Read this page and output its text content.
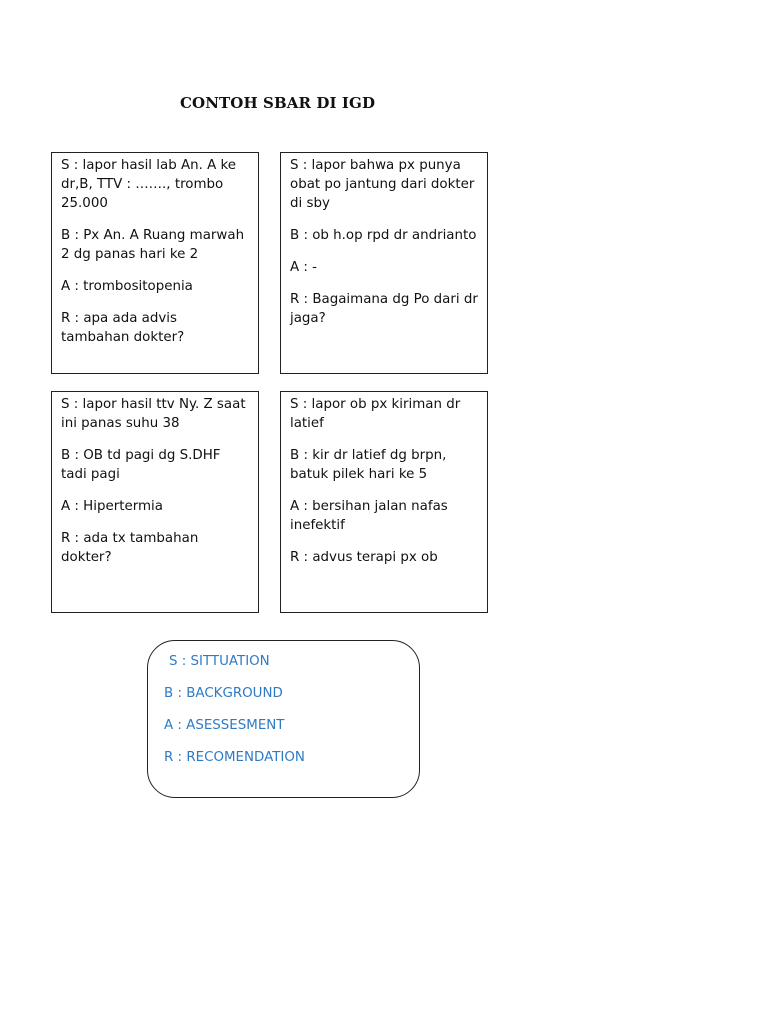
CONTOH SBAR DI IGD

S : lapor hasil lab An. A ke dr,B, TTV : ……., trombo 25.000

B : Px An. A Ruang marwah 2 dg panas hari ke 2

A : trombositopenia

R : apa ada advis tambahan dokter?

S : lapor bahwa px punya obat po jantung dari dokter di sby

B : ob h.op rpd dr andrianto

A : -

R : Bagaimana dg Po dari dr jaga?

S : lapor hasil ttv Ny. Z saat ini panas suhu 38

B : OB td pagi dg S.DHF tadi pagi

A : Hipertermia

R : ada tx tambahan dokter?

S : lapor ob px kiriman dr latief

B : kir dr latief dg brpn, batuk pilek hari ke 5

A : bersihan jalan nafas inefektif

R : advus terapi px ob

S : SITTUATION

B : BACKGROUND

A : ASESSESMENT

R : RECOMENDATION
